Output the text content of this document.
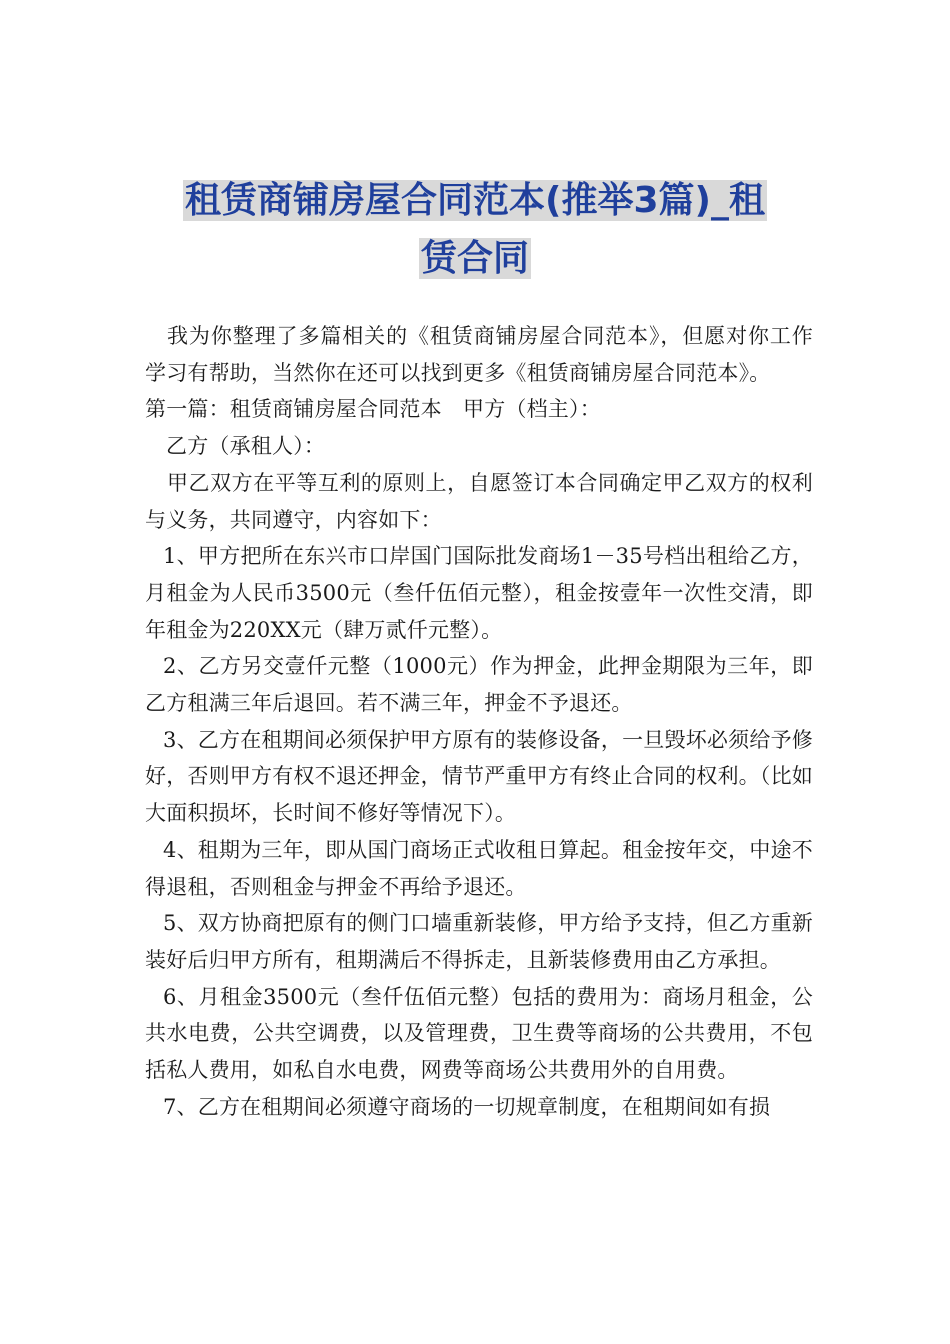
租赁商铺房屋合同范本(推举3篇)_租
赁合同

我为你整理了多篇相关的《租赁商铺房屋合同范本》，但愿对你工作学习有帮助，当然你在还可以找到更多《租赁商铺房屋合同范本》。

第一篇：租赁商铺房屋合同范本　甲方（档主）：

乙方（承租人）：

甲乙双方在平等互利的原则上，自愿签订本合同确定甲乙双方的权利与义务，共同遵守，内容如下：

1、甲方把所在东兴市口岸国门国际批发商场1－35号档出租给乙方，月租金为人民币3500元（叁仟伍佰元整），租金按壹年一次性交清，即年租金为220XX元（肆万贰仟元整）。

2、乙方另交壹仟元整（1000元）作为押金，此押金期限为三年，即乙方租满三年后退回。若不满三年，押金不予退还。

3、乙方在租期间必须保护甲方原有的装修设备，一旦毁坏必须给予修好，否则甲方有权不退还押金，情节严重甲方有终止合同的权利。（比如大面积损坏，长时间不修好等情况下）。

4、租期为三年，即从国门商场正式收租日算起。租金按年交，中途不得退租，否则租金与押金不再给予退还。

5、双方协商把原有的侧门口墙重新装修，甲方给予支持，但乙方重新装好后归甲方所有，租期满后不得拆走，且新装修费用由乙方承担。

6、月租金3500元（叁仟伍佰元整）包括的费用为：商场月租金，公共水电费，公共空调费，以及管理费，卫生费等商场的公共费用，不包括私人费用，如私自水电费，网费等商场公共费用外的自用费。

7、乙方在租期间必须遵守商场的一切规章制度，在租期间如有损
